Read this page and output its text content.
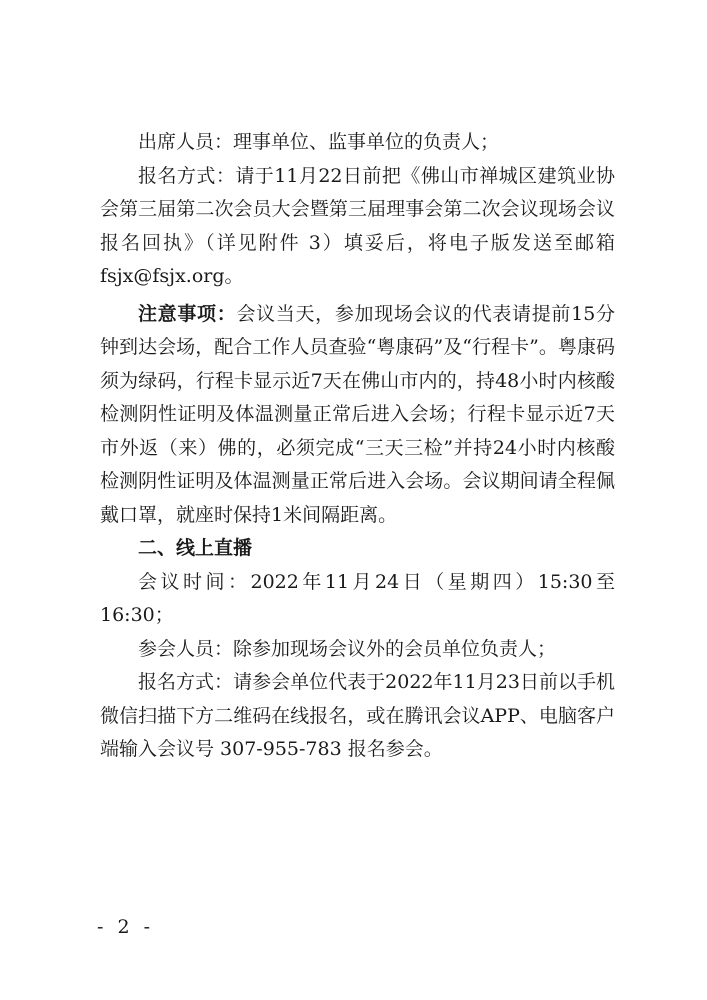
出席人员：理事单位、监事单位的负责人；

报名方式：请于11月22日前把《佛山市禅城区建筑业协会第三届第二次会员大会暨第三届理事会第二次会议现场会议报名回执》（详见附件 3）填妥后，将电子版发送至邮箱 fsjx@fsjx.org。

注意事项：会议当天，参加现场会议的代表请提前15分钟到达会场，配合工作人员查验“粤康码”及“行程卡”。粤康码须为绿码，行程卡显示近7天在佛山市内的，持48小时内核酸检测阴性证明及体温测量正常后进入会场；行程卡显示近7天市外返（来）佛的，必须完成“三天三检”并持24小时内核酸检测阴性证明及体温测量正常后进入会场。会议期间请全程佩戴口罩，就座时保持1米间隔距离。

二、线上直播

会议时间：2022年11月24日（星期四）15:30至16:30；

参会人员：除参加现场会议外的会员单位负责人；

报名方式：请参会单位代表于2022年11月23日前以手机微信扫描下方二维码在线报名，或在腾讯会议APP、电脑客户端输入会议号 307-955-783 报名参会。

- 2 -
